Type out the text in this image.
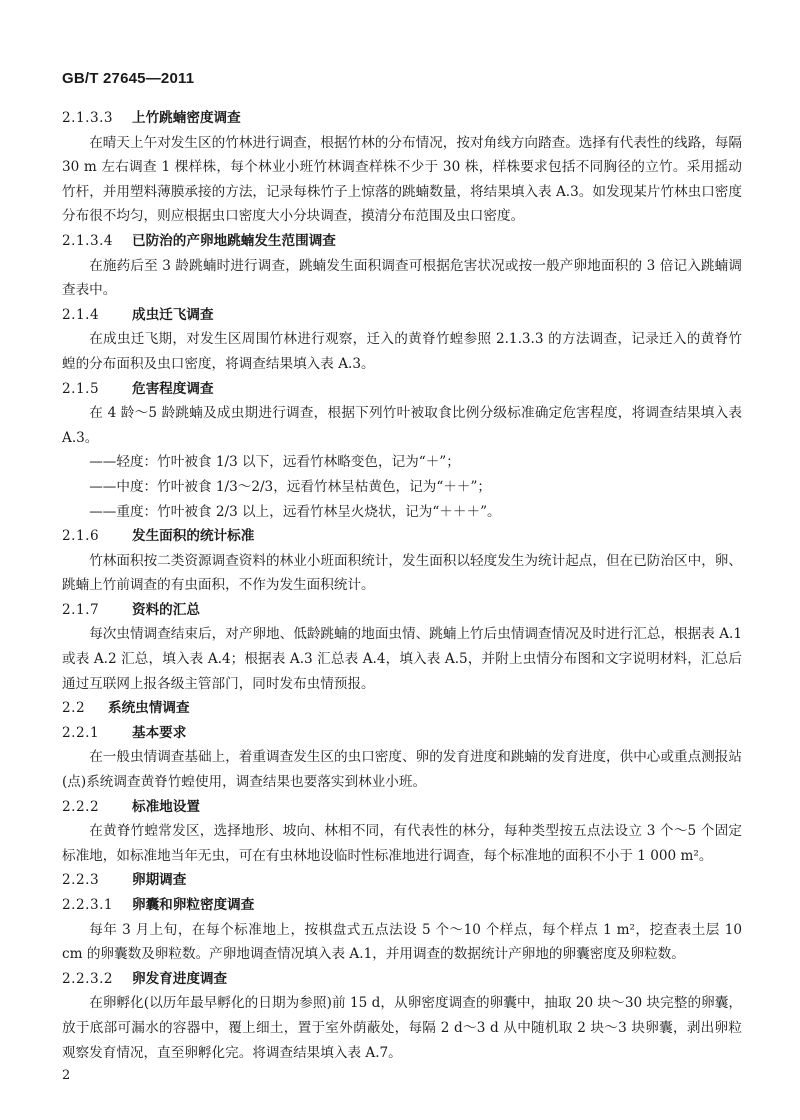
GB/T 27645—2011
2.1.3.3 上竹跳蝻密度调查
在晴天上午对发生区的竹林进行调查，根据竹林的分布情况，按对角线方向踏查。选择有代表性的线路，每隔 30 m 左右调查 1 棵样株，每个林业小班竹林调查样株不少于 30 株，样株要求包括不同胸径的立竹。采用摇动竹杆，并用塑料薄膜承接的方法，记录每株竹子上惊落的跳蝻数量，将结果填入表 A.3。如发现某片竹林虫口密度分布很不均匀，则应根据虫口密度大小分块调查，摸清分布范围及虫口密度。
2.1.3.4 已防治的产卵地跳蝻发生范围调查
在施药后至 3 龄跳蝻时进行调查，跳蝻发生面积调查可根据危害状况或按一般产卵地面积的 3 倍记入跳蝻调查表中。
2.1.4 成虫迁飞调查
在成虫迁飞期，对发生区周围竹林进行观察，迁入的黄脊竹蝗参照 2.1.3.3 的方法调查，记录迁入的黄脊竹蝗的分布面积及虫口密度，将调查结果填入表 A.3。
2.1.5 危害程度调查
在 4 龄～5 龄跳蝻及成虫期进行调查，根据下列竹叶被取食比例分级标准确定危害程度，将调查结果填入表 A.3。
——轻度：竹叶被食 1/3 以下，远看竹林略变色，记为“＋”；
——中度：竹叶被食 1/3～2/3，远看竹林呈枯黄色，记为“＋＋”；
——重度：竹叶被食 2/3 以上，远看竹林呈火烧状，记为“＋＋＋”。
2.1.6 发生面积的统计标准
竹林面积按二类资源调查资料的林业小班面积统计，发生面积以轻度发生为统计起点，但在已防治区中，卵、跳蝻上竹前调查的有虫面积，不作为发生面积统计。
2.1.7 资料的汇总
每次虫情调查结束后，对产卵地、低龄跳蝻的地面虫情、跳蝻上竹后虫情调查情况及时进行汇总，根据表 A.1 或表 A.2 汇总，填入表 A.4；根据表 A.3 汇总表 A.4，填入表 A.5，并附上虫情分布图和文字说明材料，汇总后通过互联网上报各级主管部门，同时发布虫情预报。
2.2 系统虫情调查
2.2.1 基本要求
在一般虫情调查基础上，着重调查发生区的虫口密度、卵的发育进度和跳蝻的发育进度，供中心或重点测报站(点)系统调查黄脊竹蝗使用，调查结果也要落实到林业小班。
2.2.2 标准地设置
在黄脊竹蝗常发区，选择地形、坡向、林相不同，有代表性的林分，每种类型按五点法设立 3 个～5 个固定标准地，如标准地当年无虫，可在有虫林地设临时性标准地进行调查，每个标准地的面积不小于 1 000 m²。
2.2.3 卵期调查
2.2.3.1 卵囊和卵粒密度调查
每年 3 月上旬，在每个标准地上，按棋盘式五点法设 5 个～10 个样点，每个样点 1 m²，挖查表土层 10 cm 的卵囊数及卵粒数。产卵地调查情况填入表 A.1，并用调查的数据统计产卵地的卵囊密度及卵粒数。
2.2.3.2 卵发育进度调查
在卵孵化(以历年最早孵化的日期为参照)前 15 d，从卵密度调查的卵囊中，抽取 20 块～30 块完整的卵囊，放于底部可漏水的容器中，覆上细土，置于室外荫蔽处，每隔 2 d～3 d 从中随机取 2 块～3 块卵囊，剥出卵粒观察发育情况，直至卵孵化完。将调查结果填入表 A.7。
2
